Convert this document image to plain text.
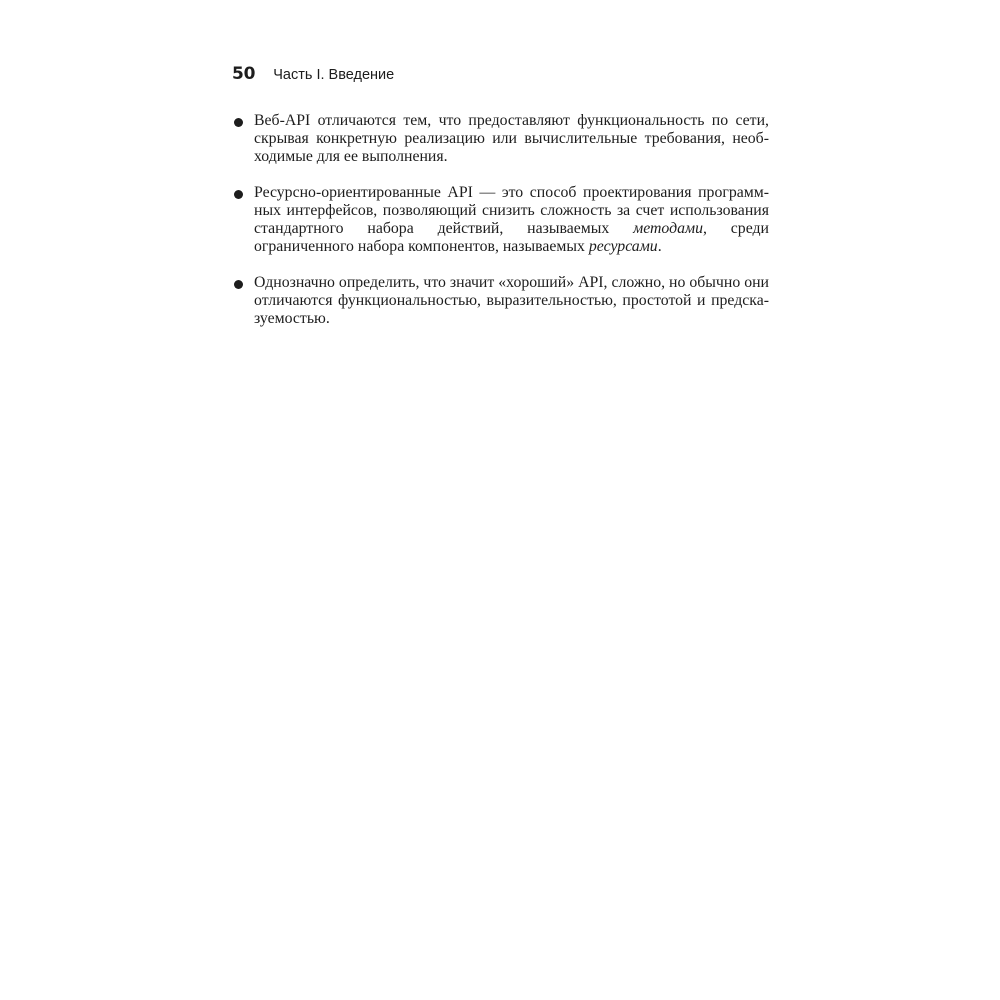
50 Часть I. Введение
Веб-API отличаются тем, что предоставляют функциональность по сети, скрывая конкретную реализацию или вычислительные требования, необходимые для ее выполнения.
Ресурсно-ориентированные API — это способ проектирования программных интерфейсов, позволяющий снизить сложность за счет использования стандартного набора действий, называемых методами, среди ограниченного набора компонентов, называемых ресурсами.
Однозначно определить, что значит «хороший» API, сложно, но обычно они отличаются функциональностью, выразительностью, простотой и предсказуемостью.
